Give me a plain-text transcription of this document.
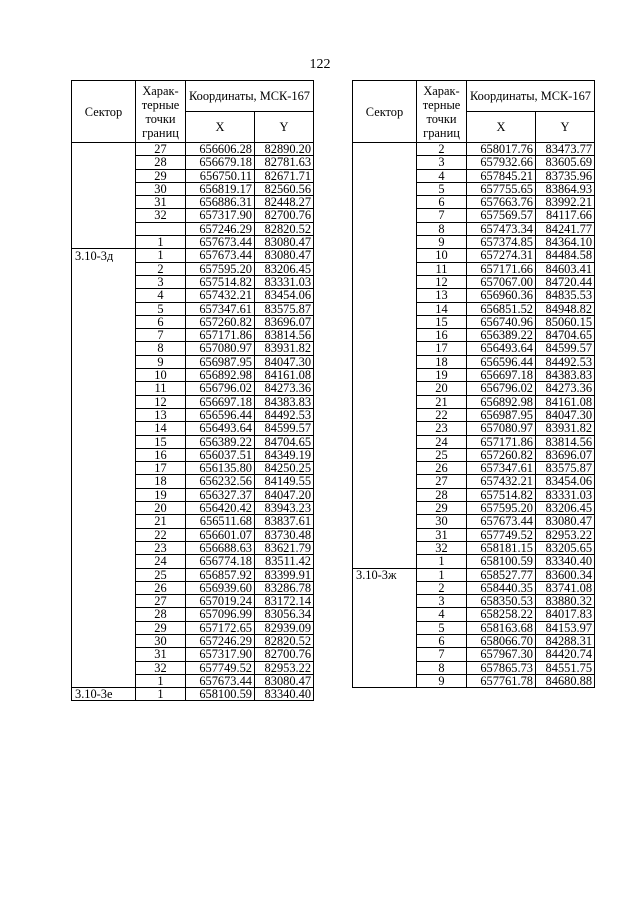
122
Сектор	Харак-терные точки границ	Координаты, МСК-167	
		X	Y
	27	656606.28	82890.20
	28	656679.18	82781.63
	29	656750.11	82671.71
	30	656819.17	82560.56
	31	656886.31	82448.27
	32	657317.90	82700.76
		657246.29	82820.52
	1	657673.44	83080.47
3.10-3д	1	657673.44	83080.47
	2	657595.20	83206.45
	3	657514.82	83331.03
	4	657432.21	83454.06
	5	657347.61	83575.87
	6	657260.82	83696.07
	7	657171.86	83814.56
	8	657080.97	83931.82
	9	656987.95	84047.30
	10	656892.98	84161.08
	11	656796.02	84273.36
	12	656697.18	84383.83
	13	656596.44	84492.53
	14	656493.64	84599.57
	15	656389.22	84704.65
	16	656037.51	84349.19
	17	656135.80	84250.25
	18	656232.56	84149.55
	19	656327.37	84047.20
	20	656420.42	83943.23
	21	656511.68	83837.61
	22	656601.07	83730.48
	23	656688.63	83621.79
	24	656774.18	83511.42
	25	656857.92	83399.91
	26	656939.60	83286.78
	27	657019.24	83172.14
	28	657096.99	83056.34
	29	657172.65	82939.09
	30	657246.29	82820.52
	31	657317.90	82700.76
	32	657749.52	82953.22
	1	657673.44	83080.47
3.10-3е	1	658100.59	83340.40
Сектор	Харак-терные точки границ	Координаты, МСК-167	
		X	Y
	2	658017.76	83473.77
	3	657932.66	83605.69
	4	657845.21	83735.96
	5	657755.65	83864.93
	6	657663.76	83992.21
	7	657569.57	84117.66
	8	657473.34	84241.77
	9	657374.85	84364.10
	10	657274.31	84484.58
	11	657171.66	84603.41
	12	657067.00	84720.44
	13	656960.36	84835.53
	14	656851.52	84948.82
	15	656740.96	85060.15
	16	656389.22	84704.65
	17	656493.64	84599.57
	18	656596.44	84492.53
	19	656697.18	84383.83
	20	656796.02	84273.36
	21	656892.98	84161.08
	22	656987.95	84047.30
	23	657080.97	83931.82
	24	657171.86	83814.56
	25	657260.82	83696.07
	26	657347.61	83575.87
	27	657432.21	83454.06
	28	657514.82	83331.03
	29	657595.20	83206.45
	30	657673.44	83080.47
	31	657749.52	82953.22
	32	658181.15	83205.65
	1	658100.59	83340.40
3.10-3ж	1	658527.77	83600.34
	2	658440.35	83741.08
	3	658350.53	83880.32
	4	658258.22	84017.83
	5	658163.68	84153.97
	6	658066.70	84288.31
	7	657967.30	84420.74
	8	657865.73	84551.75
	9	657761.78	84680.88
